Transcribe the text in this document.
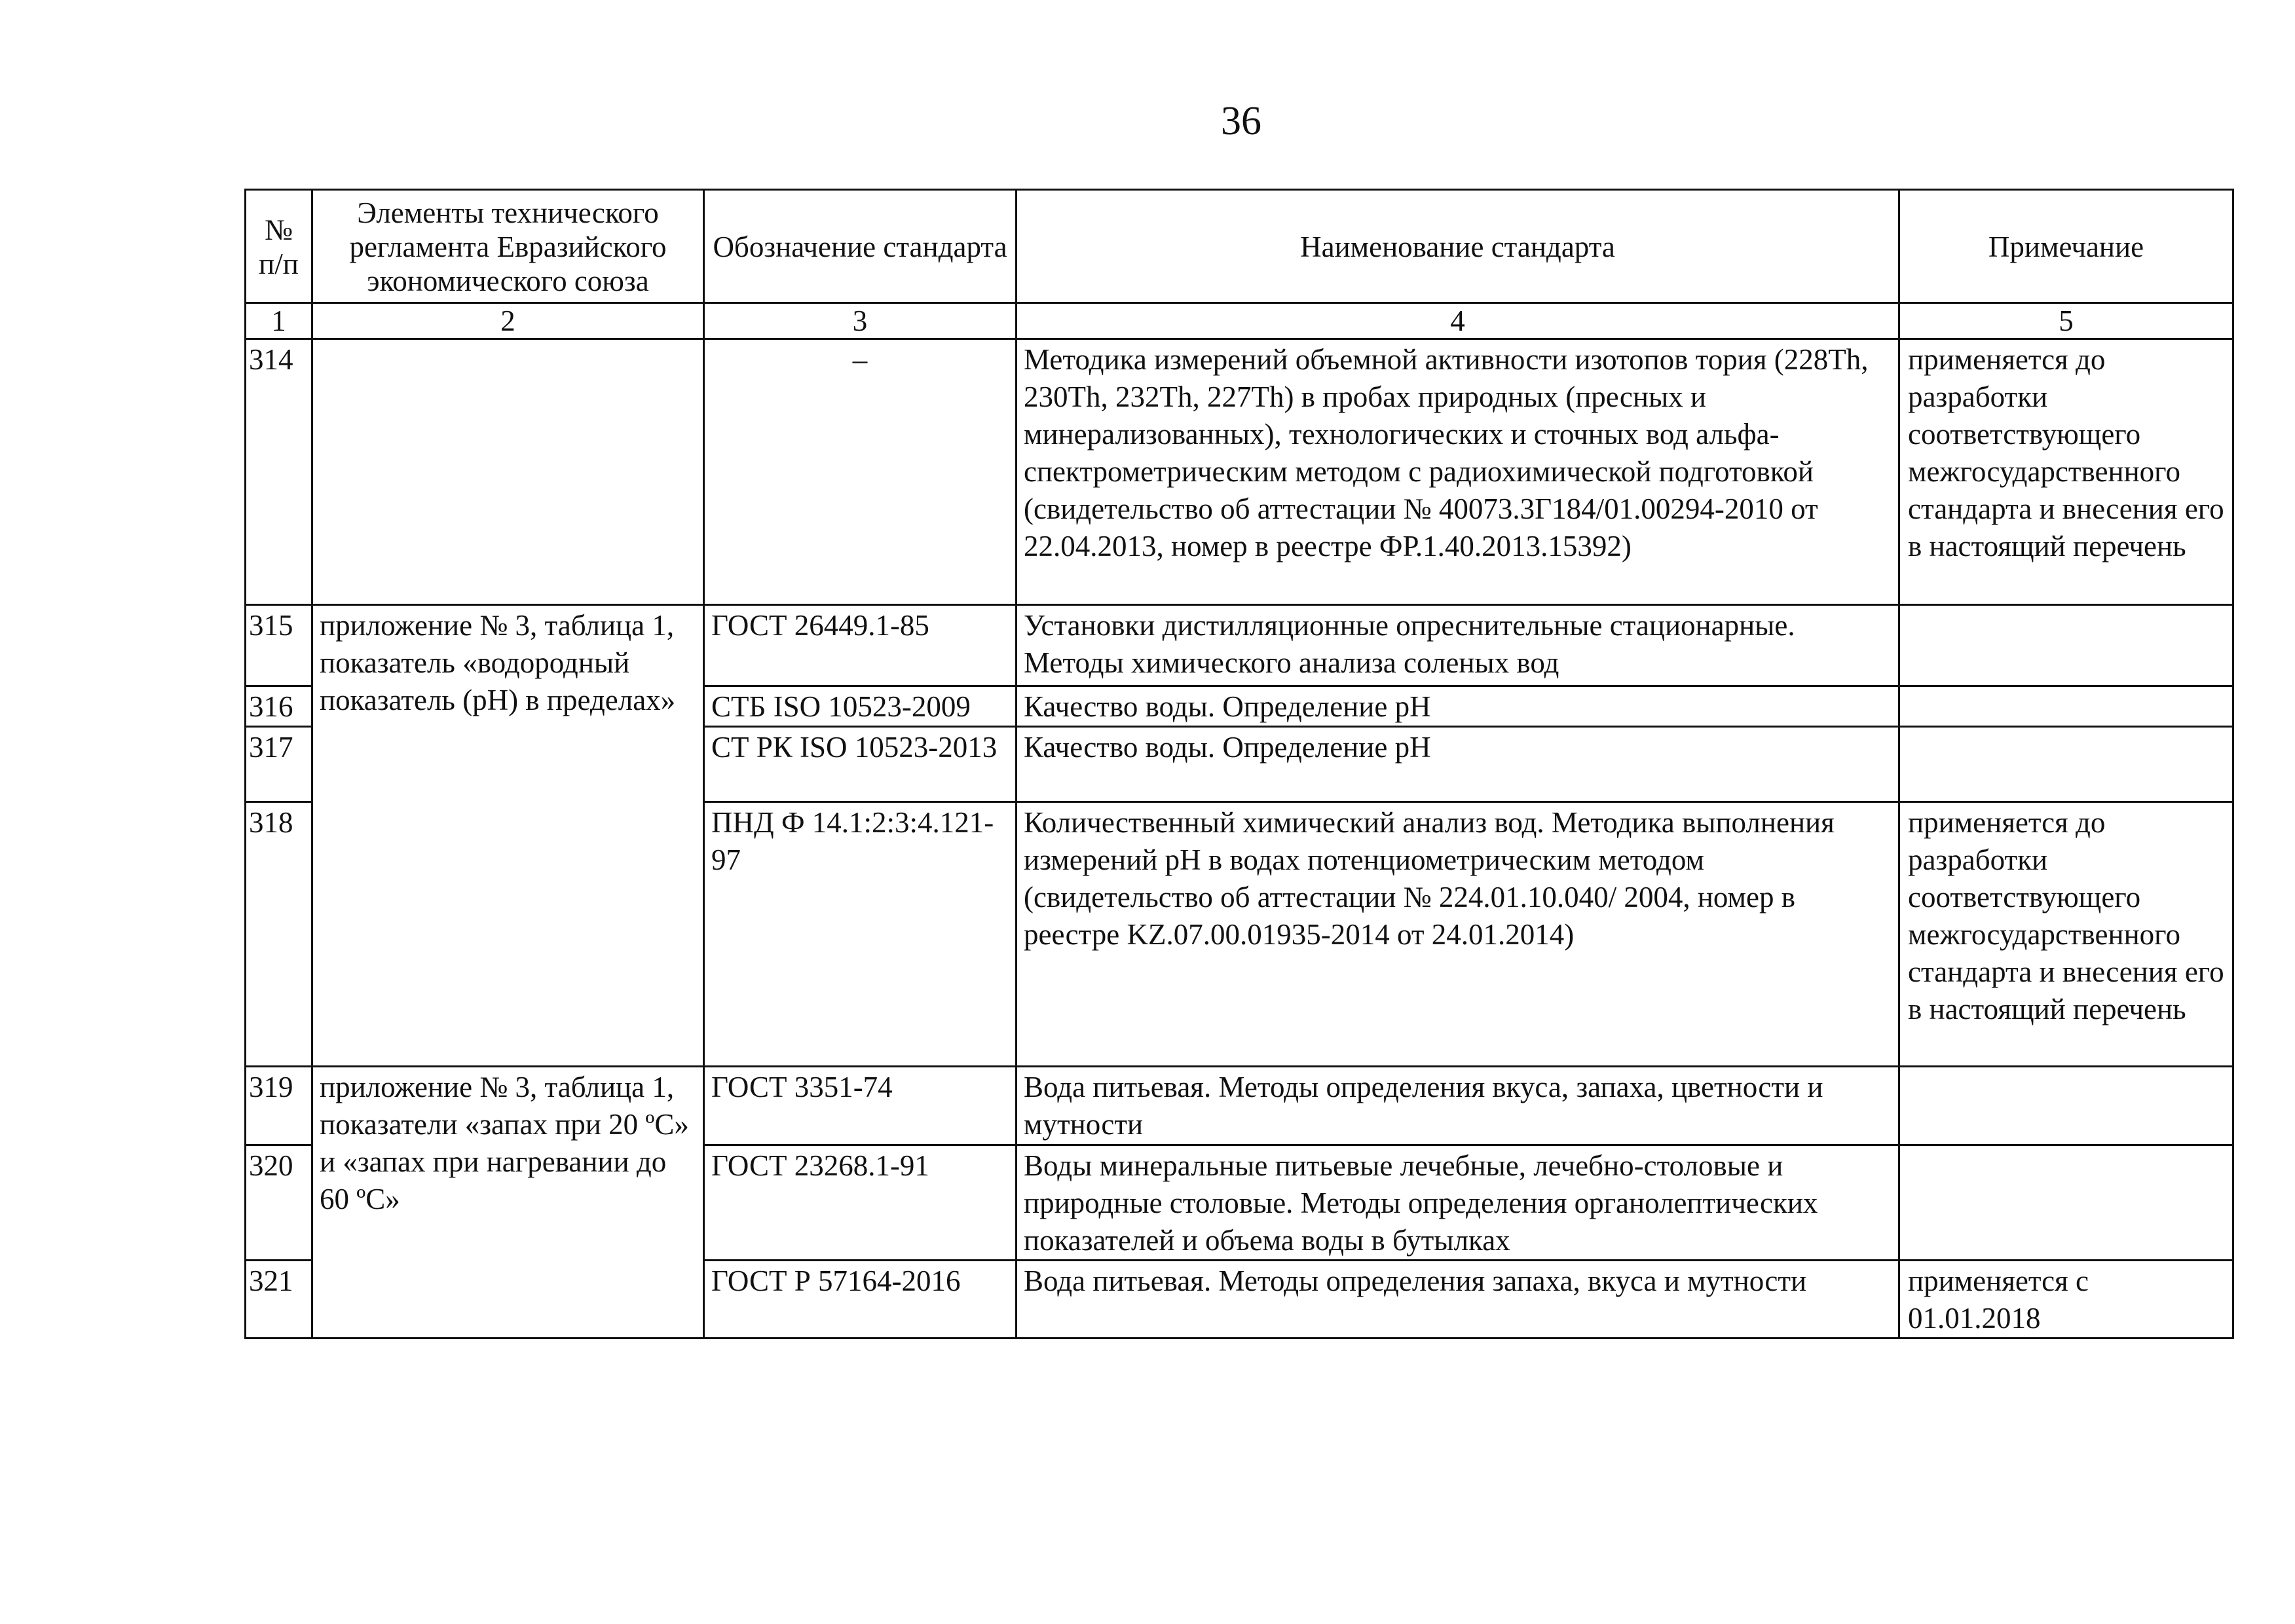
36
№ п/п	Элементы технического регламента Евразийского экономического союза	Обозначение стандарта	Наименование стандарта	Примечание
1	2	3	4	5
314		–	Методика измерений объемной активности изотопов тория (228Th, 230Th, 232Th, 227Th) в пробах природных (пресных и минерализованных), технологических и сточных вод альфа-спектрометрическим методом с радиохимической подготовкой (свидетельство об аттестации № 40073.3Г184/01.00294-2010 от 22.04.2013, номер в реестре ФР.1.40.2013.15392)	применяется до разработки соответствующего межгосударственного стандарта и внесения его в настоящий перечень
315	приложение № 3, таблица 1, показатель «водородный показатель (рН) в пределах»	ГОСТ 26449.1-85	Установки дистилляционные опреснительные стационарные. Методы химического анализа соленых вод	
316		СТБ ISO 10523-2009	Качество воды. Определение рН	
317		СТ РК ISO 10523-2013	Качество воды. Определение рН	
318		ПНД Ф 14.1:2:3:4.121-97	Количественный химический анализ вод. Методика выполнения измерений рН в водах потенциометрическим методом (свидетельство об аттестации № 224.01.10.040/ 2004, номер в реестре KZ.07.00.01935-2014 от 24.01.2014)	применяется до разработки соответствующего межгосударственного стандарта и внесения его в настоящий перечень
319	приложение № 3, таблица 1, показатели «запах при 20 ºС» и «запах при нагревании до 60 ºС»	ГОСТ 3351-74	Вода питьевая. Методы определения вкуса, запаха, цветности и мутности	
320		ГОСТ 23268.1-91	Воды минеральные питьевые лечебные, лечебно-столовые и природные столовые. Методы определения органолептических показателей и объема воды в бутылках	
321		ГОСТ Р 57164-2016	Вода питьевая. Методы определения запаха, вкуса и мутности	применяется с 01.01.2018
